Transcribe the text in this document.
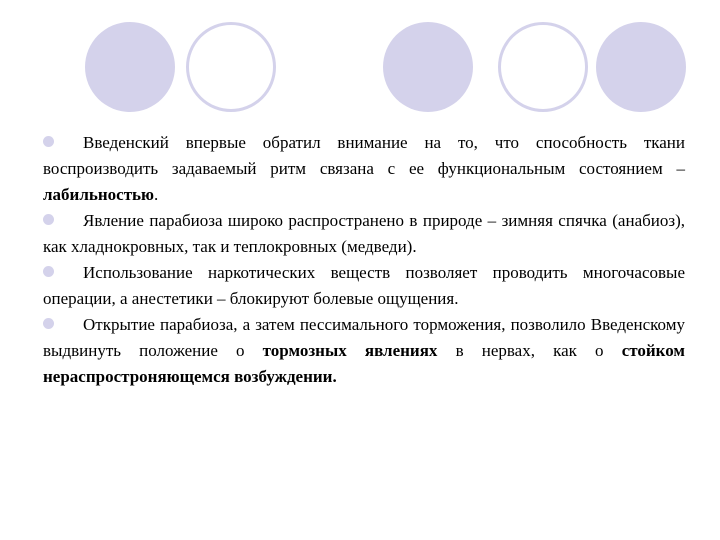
Введенский впервые обратил внимание на то, что способность ткани воспроизводить задаваемый ритм связана с ее функциональным состоянием – лабильностью.

Явление парабиоза широко распространено в природе – зимняя спячка (анабиоз), как хладнокровных, так и теплокровных (медведи).

Использование наркотических веществ позволяет проводить многочасовые операции, а анестетики – блокируют болевые ощущения.

Открытие парабиоза, а затем пессимального торможения, позволило Введенскому выдвинуть положение о тормозных явлениях в нервах, как о стойком нераспростроняющемся возбуждении.
